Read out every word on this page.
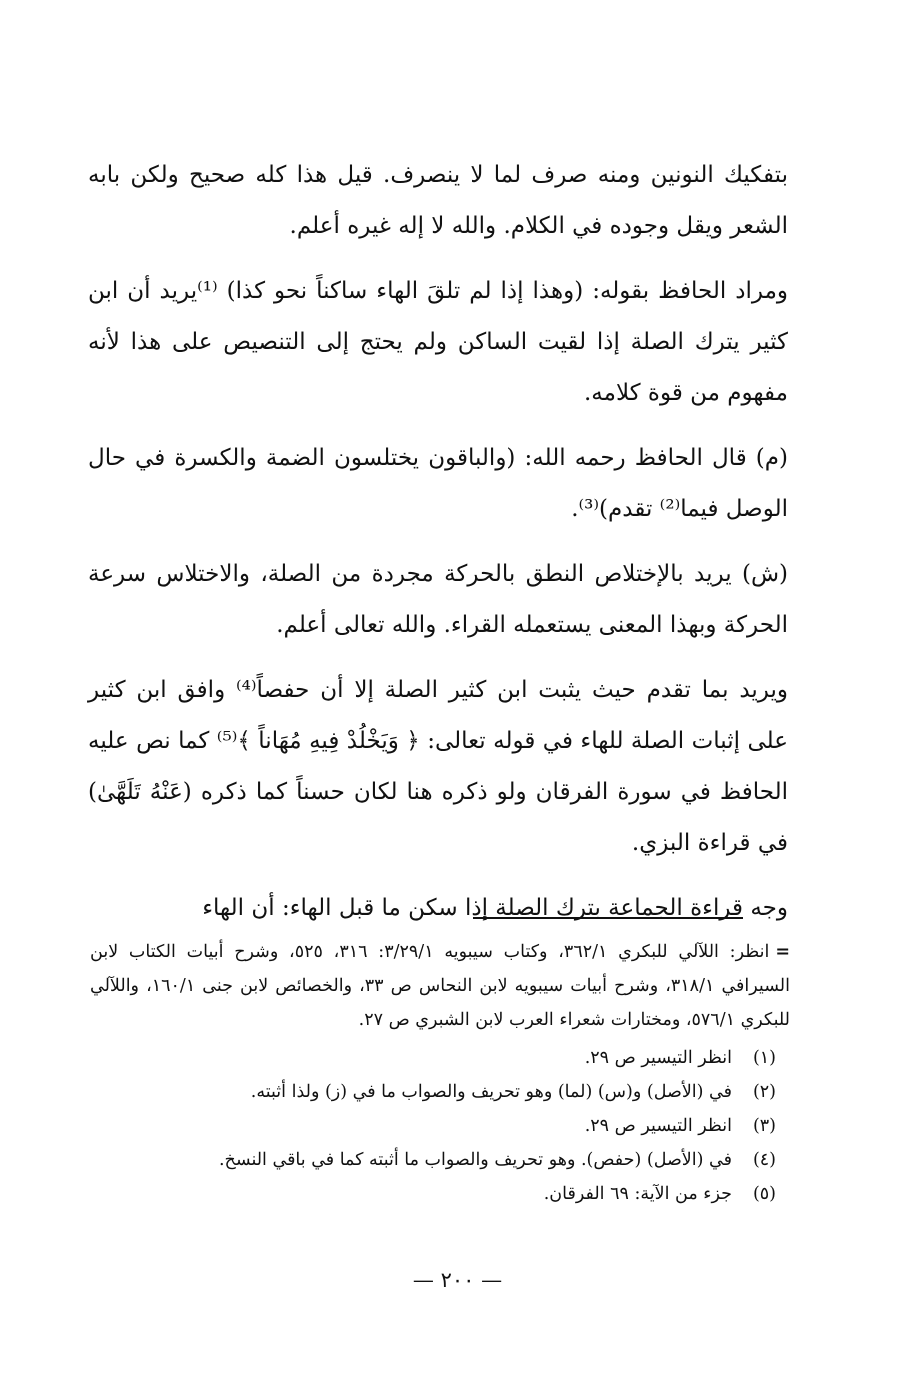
بتفكيك النونين ومنه صرف لما لا ينصرف. قيل هذا كله صحيح ولكن بابه الشعر ويقل وجوده في الكلام. والله لا إله غيره أعلم.

ومراد الحافظ بقوله: (وهذا إذا لم تلقَ الهاء ساكناً نحو كذا) ⁽¹⁾يريد أن ابن كثير يترك الصلة إذا لقيت الساكن ولم يحتج إلى التنصيص على هذا لأنه مفهوم من قوة كلامه.

(م) قال الحافظ رحمه الله: (والباقون يختلسون الضمة والكسرة في حال الوصل فيما⁽²⁾ تقدم)⁽³⁾.

(ش) يريد بالإختلاص النطق بالحركة مجردة من الصلة، والاختلاس سرعة الحركة وبهذا المعنى يستعمله القراء. والله تعالى أعلم.

ويريد بما تقدم حيث يثبت ابن كثير الصلة إلا أن حفصاً⁽⁴⁾ وافق ابن كثير على إثبات الصلة للهاء في قوله تعالى: ﴿ وَيَخْلُدْ فِيهِ مُهَاناً ﴾⁽⁵⁾ كما نص عليه الحافظ في سورة الفرقان ولو ذكره هنا لكان حسناً كما ذكره (عَنْهُ تَلَهَّىٰ) في قراءة البزي.

وجه قراءة الجماعة بترك الصلة إذا سكن ما قبل الهاء: أن الهاء

=انظر: اللآلي للبكري ٣٦٢/١، وكتاب سيبويه ٣/٢٩/١: ٣١٦، ٥٢٥، وشرح أبيات الكتاب لابن السيرافي ٣١٨/١، وشرح أبيات سيبويه لابن النحاس ص ٣٣، والخصائص لابن جنى ١٦٠/١، واللآلي للبكري ٥٧٦/١، ومختارات شعراء العرب لابن الشبري ص ٢٧.

(١)انظر التيسير ص ٢٩.

(٢)في (الأصل) و(س) (لما) وهو تحريف والصواب ما في (ز) ولذا أثبته.

(٣)انظر التيسير ص ٢٩.

(٤)في (الأصل) (حفص). وهو تحريف والصواب ما أثبته كما في باقي النسخ.

(٥)جزء من الآية: ٦٩ الفرقان.

— ٢٠٠ —
